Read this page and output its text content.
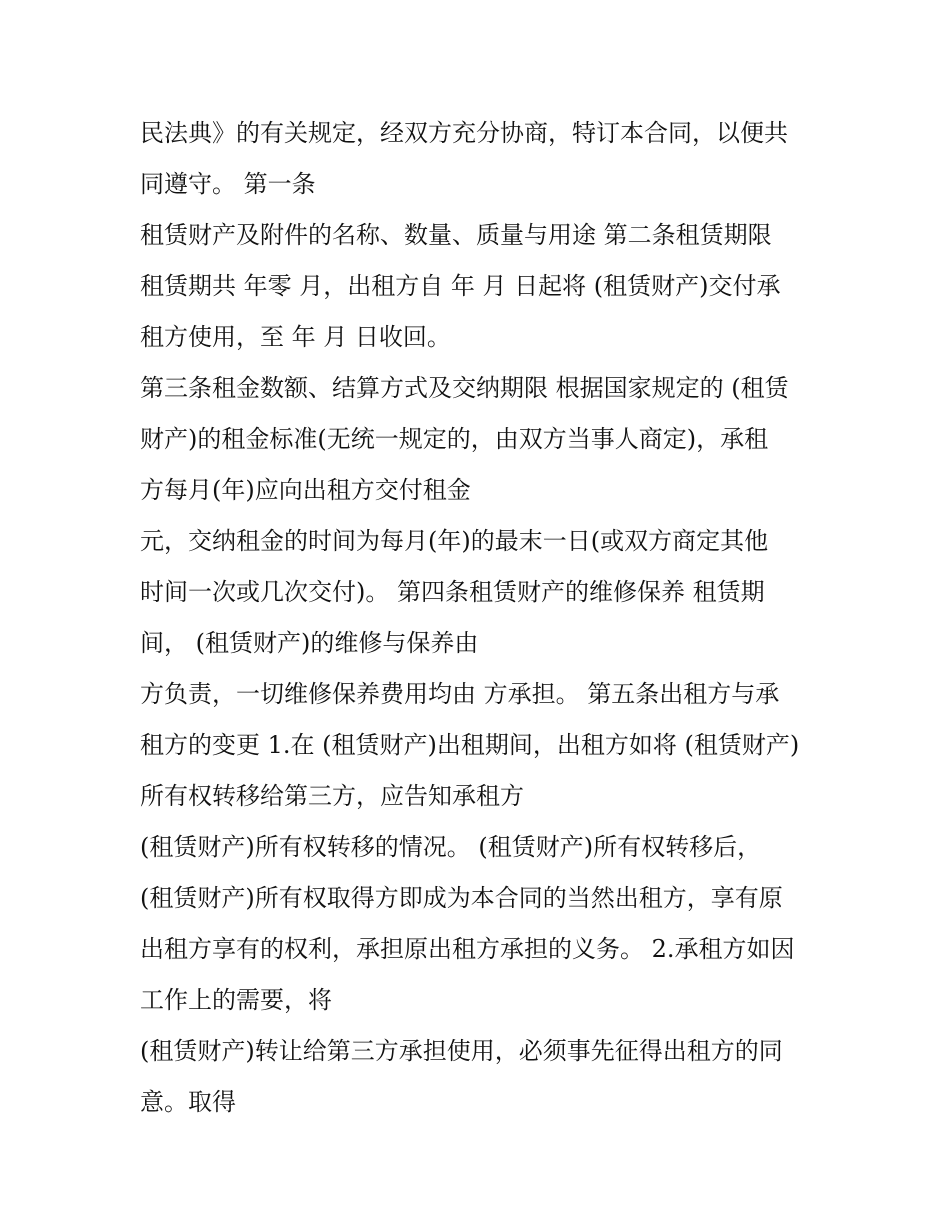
民法典》的有关规定，经双方充分协商，特订本合同，以便共
同遵守。 第一条
租赁财产及附件的名称、数量、质量与用途 第二条租赁期限
租赁期共 年零 月，出租方自 年 月 日起将 (租赁财产)交付承
租方使用，至 年 月 日收回。
第三条租金数额、结算方式及交纳期限 根据国家规定的 (租赁
财产)的租金标准(无统一规定的，由双方当事人商定)，承租
方每月(年)应向出租方交付租金
元，交纳租金的时间为每月(年)的最末一日(或双方商定其他
时间一次或几次交付)。 第四条租赁财产的维修保养 租赁期
间， (租赁财产)的维修与保养由
方负责，一切维修保养费用均由 方承担。 第五条出租方与承
租方的变更 1.在 (租赁财产)出租期间，出租方如将 (租赁财产)
所有权转移给第三方，应告知承租方
(租赁财产)所有权转移的情况。 (租赁财产)所有权转移后，
(租赁财产)所有权取得方即成为本合同的当然出租方，享有原
出租方享有的权利，承担原出租方承担的义务。 2.承租方如因
工作上的需要，将
(租赁财产)转让给第三方承担使用，必须事先征得出租方的同
意。取得
